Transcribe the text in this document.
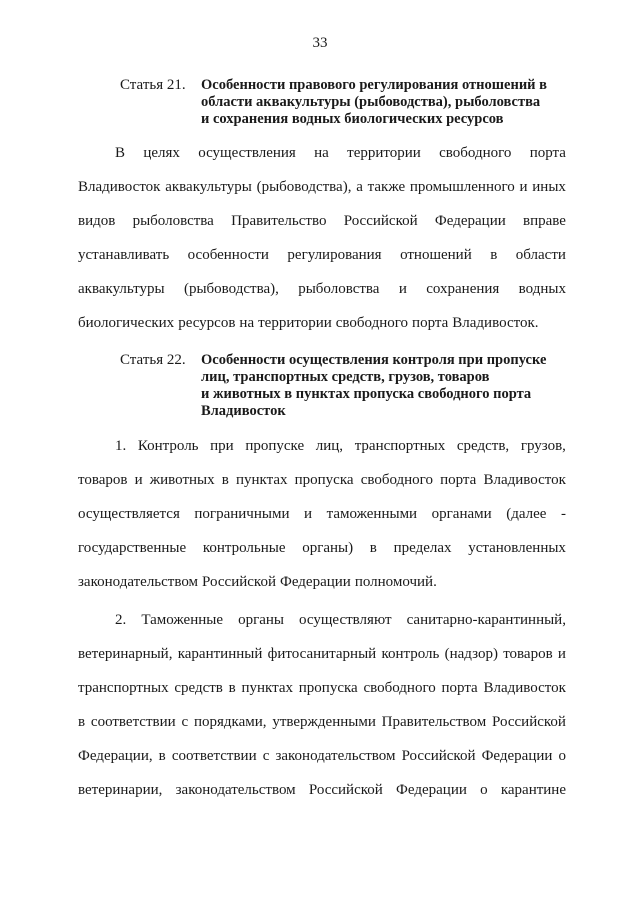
33
Статья 21. Особенности правового регулирования отношений в
области аквакультуры (рыбоводства), рыболовства
и сохранения водных биологических ресурсов
В целях осуществления на территории свободного порта
Владивосток аквакультуры (рыбоводства), а также промышленного и иных
видов рыболовства Правительство Российской Федерации вправе
устанавливать особенности регулирования отношений в области
аквакультуры (рыбоводства), рыболовства и сохранения водных
биологических ресурсов на территории свободного порта Владивосток.
Статья 22. Особенности осуществления контроля при пропуске
лиц, транспортных средств, грузов, товаров
и животных в пунктах пропуска свободного порта
Владивосток
1. Контроль при пропуске лиц, транспортных средств, грузов,
товаров и животных в пунктах пропуска свободного порта Владивосток
осуществляется пограничными и таможенными органами (далее -
государственные контрольные органы) в пределах установленных
законодательством Российской Федерации полномочий.
2. Таможенные органы осуществляют санитарно-карантинный,
ветеринарный, карантинный фитосанитарный контроль (надзор) товаров и
транспортных средств в пунктах пропуска свободного порта Владивосток
в соответствии с порядками, утвержденными Правительством Российской
Федерации, в соответствии с законодательством Российской Федерации о
ветеринарии, законодательством Российской Федерации о карантине
